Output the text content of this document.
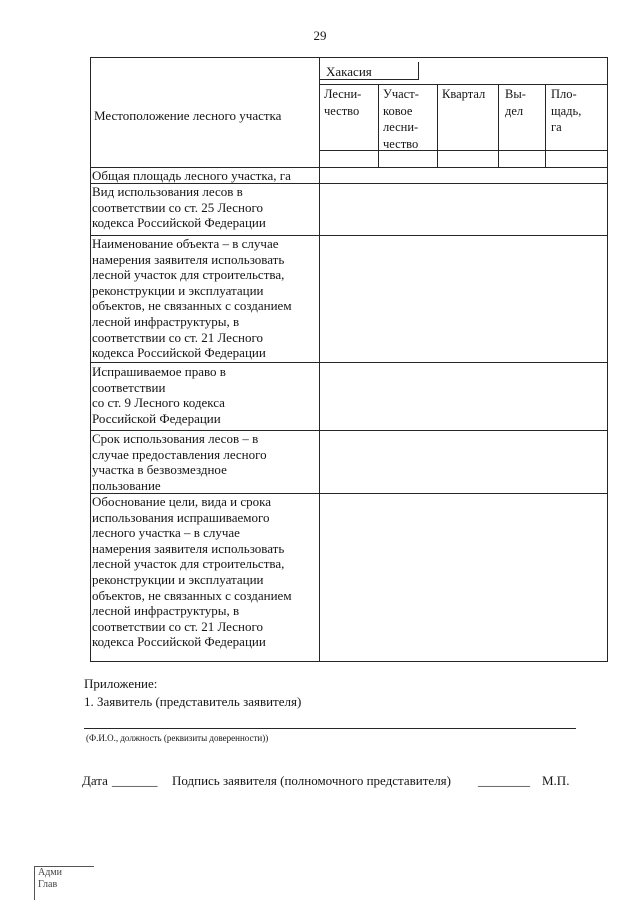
29
Местоположение лесного участка
Хакасия
Лесни-
чество
Участ-
ковое
лесни-
чество
Квартал Вы-
дел
Пло-
щадь,
га
Общая площадь лесного участка, га
Вид использования лесов в
соответствии со ст. 25 Лесного
кодекса Российской Федерации
Наименование объекта – в случае
намерения заявителя использовать
лесной участок для строительства,
реконструкции и эксплуатации
объектов, не связанных с созданием
лесной инфраструктуры, в
соответствии со ст. 21 Лесного
кодекса Российской Федерации
Испрашиваемое право в
соответствии
со ст. 9 Лесного кодекса
Российской Федерации
Срок использования лесов – в
случае предоставления лесного
участка в безвозмездное
пользование
Обоснование цели, вида и срока
использования испрашиваемого
лесного участка – в случае
намерения заявителя использовать
лесной участок для строительства,
реконструкции и эксплуатации
объектов, не связанных с созданием
лесной инфраструктуры, в
соответствии со ст. 21 Лесного
кодекса Российской Федерации
Приложение:
1. Заявитель (представитель заявителя)
(Ф.И.О., должность (реквизиты доверенности))
Дата _______ Подпись заявителя (полномочного представителя) ________ М.П.
Адми
Глав
